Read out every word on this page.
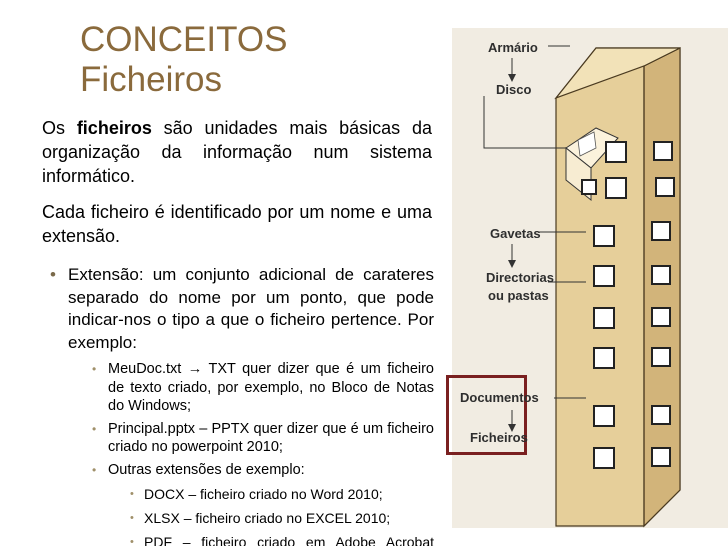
CONCEITOS
Ficheiros

Os ficheiros são unidades mais básicas da organização da informação num sistema informático.

Cada ficheiro é identificado por um nome e uma extensão.

• Extensão: um conjunto adicional de carateres separado do nome por um ponto, que pode indicar-nos o tipo a que o ficheiro pertence. Por exemplo:
• MeuDoc.txt → TXT quer dizer que é um ficheiro de texto criado, por exemplo, no Bloco de Notas do Windows;
• Principal.pptx – PPTX quer dizer que é um ficheiro criado no powerpoint 2010;
• Outras extensões de exemplo:
• DOCX – ficheiro criado no Word 2010;
• XLSX – ficheiro criado no EXCEL 2010;
• PDF – ficheiro criado em Adobe Acrobat
Armário
Disco
Gavetas
Directorias
ou pastas
Documentos
Ficheiros
